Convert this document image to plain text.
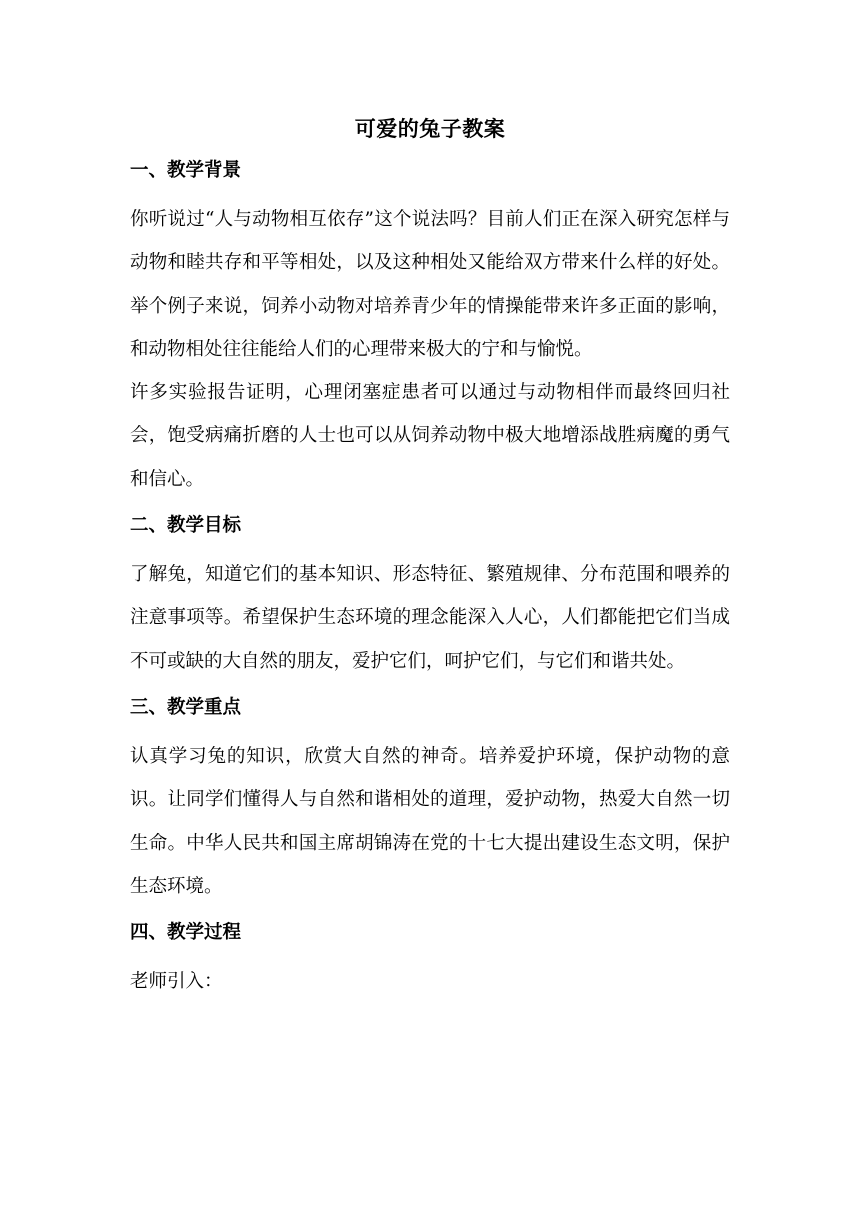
可爱的兔子教案
一、教学背景

你听说过“人与动物相互依存”这个说法吗？目前人们正在深入研究怎样与动物和睦共存和平等相处，以及这种相处又能给双方带来什么样的好处。举个例子来说，饲养小动物对培养青少年的情操能带来许多正面的影响，和动物相处往往能给人们的心理带来极大的宁和与愉悦。

许多实验报告证明，心理闭塞症患者可以通过与动物相伴而最终回归社会，饱受病痛折磨的人士也可以从饲养动物中极大地增添战胜病魔的勇气和信心。

二、教学目标

了解兔，知道它们的基本知识、形态特征、繁殖规律、分布范围和喂养的注意事项等。希望保护生态环境的理念能深入人心，人们都能把它们当成不可或缺的大自然的朋友，爱护它们，呵护它们，与它们和谐共处。

三、教学重点

认真学习兔的知识，欣赏大自然的神奇。培养爱护环境，保护动物的意识。让同学们懂得人与自然和谐相处的道理，爱护动物，热爱大自然一切生命。中华人民共和国主席胡锦涛在党的十七大提出建设生态文明，保护生态环境。

四、教学过程

老师引入：
